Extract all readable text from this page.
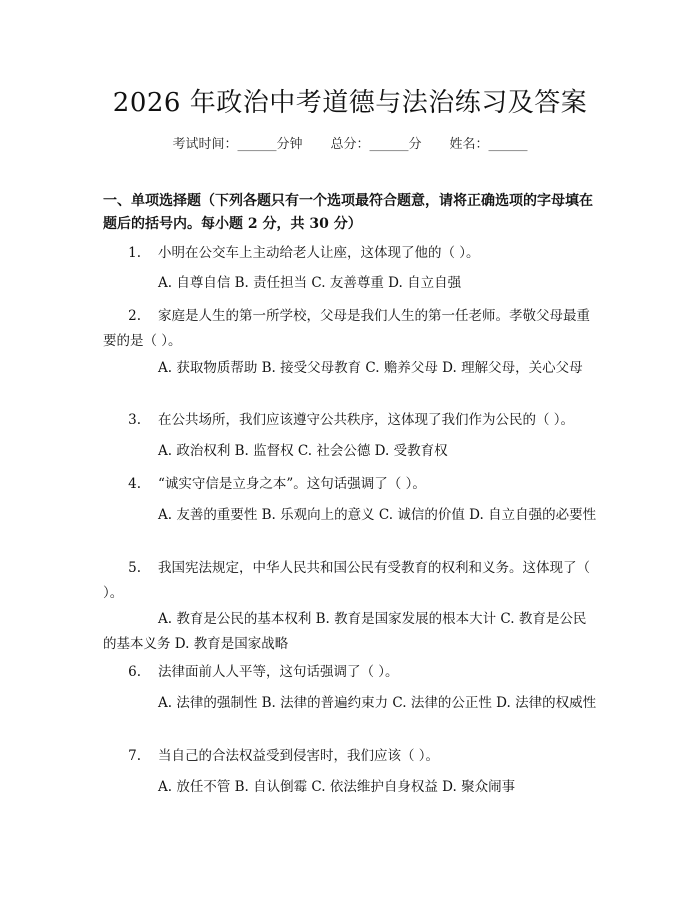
2026 年政治中考道德与法治练习及答案
考试时间：______分钟 总分：______分 姓名：______
一、单项选择题（下列各题只有一个选项最符合题意，请将正确选项的字母填在题后的括号内。每小题 2 分，共 30 分）
1. 小明在公交车上主动给老人让座，这体现了他的（ ）。
A. 自尊自信 B. 责任担当 C. 友善尊重 D. 自立自强
2. 家庭是人生的第一所学校，父母是我们人生的第一任老师。孝敬父母最重要的是（ ）。
A. 获取物质帮助 B. 接受父母教育 C. 赡养父母 D. 理解父母，关心父母
3. 在公共场所，我们应该遵守公共秩序，这体现了我们作为公民的（ ）。
A. 政治权利 B. 监督权 C. 社会公德 D. 受教育权
4. “诚实守信是立身之本”。这句话强调了（ ）。
A. 友善的重要性 B. 乐观向上的意义 C. 诚信的价值 D. 自立自强的必要性
5. 我国宪法规定，中华人民共和国公民有受教育的权利和义务。这体现了（ ）。
A. 教育是公民的基本权利 B. 教育是国家发展的根本大计 C. 教育是公民的基本义务 D. 教育是国家战略
6. 法律面前人人平等，这句话强调了（ ）。
A. 法律的强制性 B. 法律的普遍约束力 C. 法律的公正性 D. 法律的权威性
7. 当自己的合法权益受到侵害时，我们应该（ ）。
A. 放任不管 B. 自认倒霉 C. 依法维护自身权益 D. 聚众闹事
